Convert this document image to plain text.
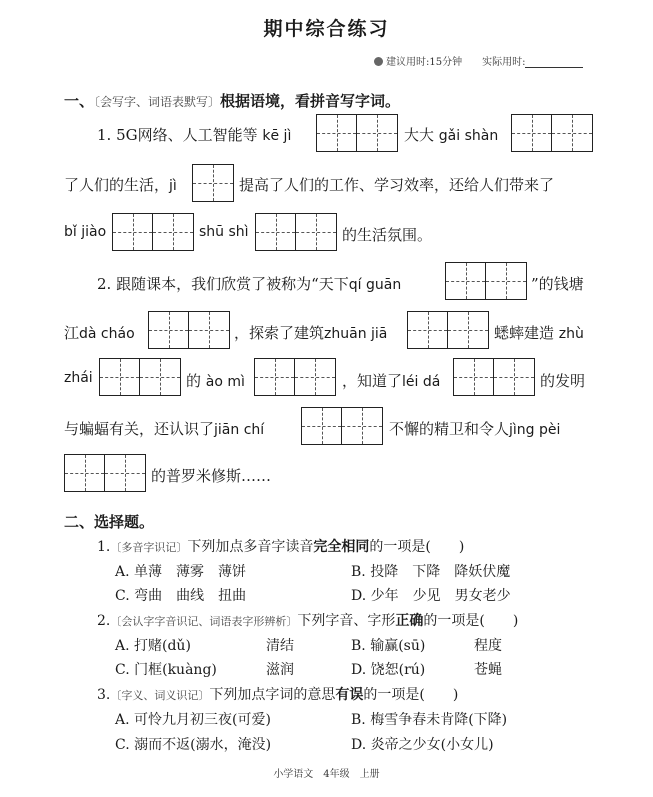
期中综合练习
建议用时:15分钟　　 实际用时:
一、〔会写字、词语表默写〕根据语境，看拼音写字词。
1. 5G网络、人工智能等 kē jì	大大 gǎi shàn
了人们的生活，jì	提高了人们的工作、学习效率，还给人们带来了
bǐ jiào	shū shì	的生活氛围。
2. 跟随课本，我们欣赏了被称为“天下qí guān	”的钱塘
江dà cháo	，探索了建筑zhuān jiā	蟋蟀建造 zhù
zhái	的 ào mì	，知道了léi dá	的发明
与蝙蝠有关，还认识了jiān chí	不懈的精卫和令人jìng pèi
的普罗米修斯……
二、选择题。
1.〔多音字识记〕下列加点多音字读音完全相同的一项是(　　)
A. 单薄　薄雾　薄饼	B. 投降　下降　降妖伏魔
C. 弯曲　曲线　扭曲	D. 少年　少见　男女老少
2.〔会认字字音识记、词语表字形辨析〕下列字音、字形正确的一项是(　　)
A. 打赌(dǔ)	清结	B. 输赢(sū)	程度
C. 门框(kuàng)	滋润	D. 饶恕(rú)	苍蝇
3.〔字义、词义识记〕下列加点字词的意思有误的一项是(　　)
A. 可怜九月初三夜(可爱)	B. 梅雪争春未肯降(下降)
C. 溺而不返(溺水，淹没)	D. 炎帝之少女(小女儿)
小学语文　4年级　上册
